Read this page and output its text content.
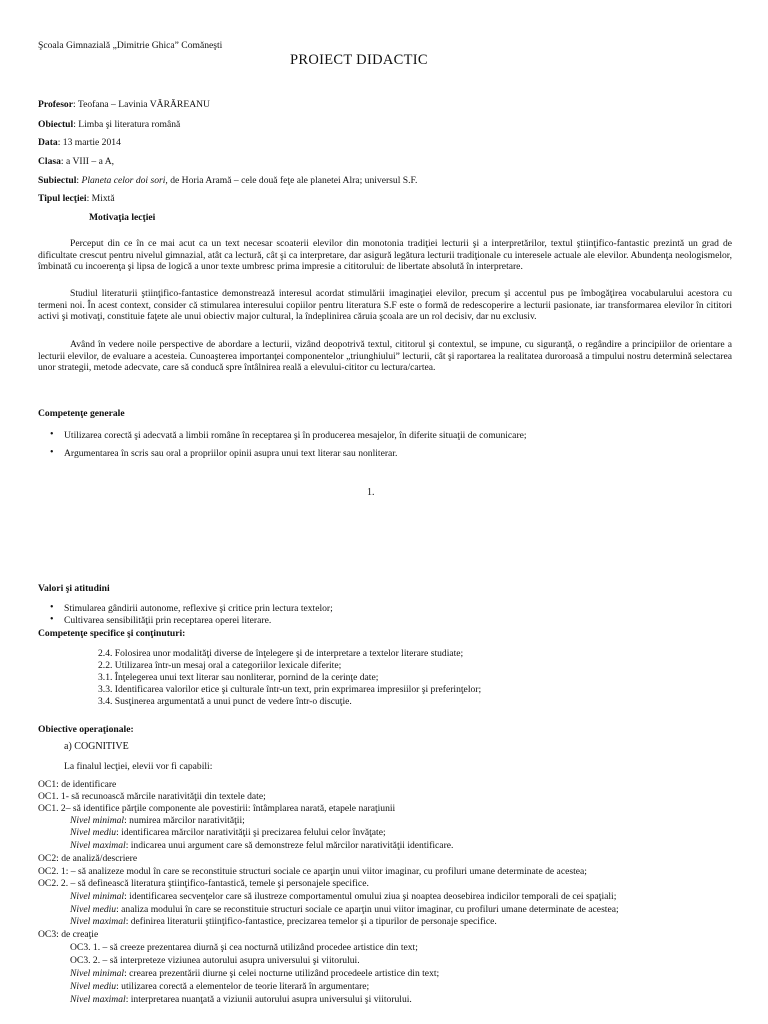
Şcoala Gimnazială „Dimitrie Ghica” Comăneşti
PROIECT DIDACTIC
Profesor: Teofana – Lavinia VĂRĂREANU
Obiectul: Limba şi literatura română
Data: 13 martie 2014
Clasa: a VIII – a A,
Subiectul: Planeta celor doi sori, de Horia Aramă – cele două feţe ale planetei Alra; universul S.F.
Tipul lecţiei: Mixtă
Motivaţia lecţiei
Perceput din ce în ce mai acut ca un text necesar scoaterii elevilor din monotonia tradiţiei lecturii şi a interpretărilor, textul ştiinţifico-fantastic prezintă un grad de dificultate crescut pentru nivelul gimnazial, atât ca lectură, cât şi ca interpretare, dar asigură legătura lecturii tradiţionale cu interesele actuale ale elevilor. Abundenţa neologismelor, îmbinată cu incoerenţa şi lipsa de logică a unor texte umbresc prima impresie a cititorului: de libertate absolută în interpretare.
Studiul literaturii ştiinţifico-fantastice demonstrează interesul acordat stimulării imaginaţiei elevilor, precum şi accentul pus pe îmbogăţirea vocabularului acestora cu termeni noi. În acest context, consider că stimularea interesului copiilor pentru literatura S.F este o formă de redescoperire a lecturii pasionate, iar transformarea elevilor în cititori activi şi motivaţi, constituie faţete ale unui obiectiv major cultural, la îndeplinirea căruia şcoala are un rol decisiv, dar nu exclusiv.
Având în vedere noile perspective de abordare a lecturii, vizând deopotrivă textul, cititorul şi contextul, se impune, cu siguranţă, o regândire a principiilor de orientare a lecturii elevilor, de evaluare a acesteia. Cunoaşterea importanţei componentelor „triunghiului” lecturii, cât şi raportarea la realitatea duroroasă a timpului nostru determină selectarea unor strategii, metode adecvate, care să conducă spre întâlnirea reală a elevului-cititor cu lectura/cartea.
Competenţe generale
• Utilizarea corectă şi adecvată a limbii române în receptarea şi în producerea mesajelor, în diferite situaţii de comunicare;
• Argumentarea în scris sau oral a propriilor opinii asupra unui text literar sau nonliterar.
1.
Valori şi atitudini
• Stimularea gândirii autonome, reflexive şi critice prin lectura textelor;
• Cultivarea sensibilităţii prin receptarea operei literare.
Competenţe specifice şi conţinuturi:
2.4. Folosirea unor modalităţi diverse de înţelegere şi de interpretare a textelor literare studiate;
2.2. Utilizarea într-un mesaj oral a categoriilor lexicale diferite;
3.1. Înţelegerea unui text literar sau nonliterar, pornind de la cerinţe date;
3.3. Identificarea valorilor etice şi culturale într-un text, prin exprimarea impresiilor şi preferinţelor;
3.4. Susţinerea argumentată a unui punct de vedere într-o discuţie.
Obiective operaţionale:
a) COGNITIVE
La finalul lecţiei, elevii vor fi capabili:
OC1: de identificare
OC1. 1- să recunoască mărcile narativităţii din textele date;
OC1. 2– să identifice părţile componente ale povestirii: întâmplarea narată, etapele naraţiunii
Nivel minimal: numirea mărcilor narativităţii;
Nivel mediu: identificarea mărcilor narativităţii şi precizarea felului celor învăţate;
Nivel maximal: indicarea unui argument care să demonstreze felul mărcilor narativităţii identificare.
OC2: de analiză/descriere
OC2. 1: – să analizeze modul în care se reconstituie structuri sociale ce aparţin unui viitor imaginar, cu profiluri umane determinate de acestea;
OC2. 2. – să definească literatura ştiinţifico-fantastică, temele şi personajele specifice.
Nivel minimal: identificarea secvenţelor care să ilustreze comportamentul omului ziua şi noaptea deosebirea indicilor temporali de cei spaţiali;
Nivel mediu: analiza modului în care se reconstituie structuri sociale ce aparţin unui viitor imaginar, cu profiluri umane determinate de acestea;
Nivel maximal: definirea literaturii ştiinţifico-fantastice, precizarea temelor şi a tipurilor de personaje specifice.
OC3: de creaţie
OC3. 1. – să creeze prezentarea diurnă şi cea nocturnă utilizând procedee artistice din text;
OC3. 2. – să interpreteze viziunea autorului asupra universului şi viitorului.
Nivel minimal: crearea prezentării diurne şi celei nocturne utilizând procedeele artistice din text;
Nivel mediu: utilizarea corectă a elementelor de teorie literară în argumentare;
Nivel maximal: interpretarea nuanţată a viziunii autorului asupra universului şi viitorului.
